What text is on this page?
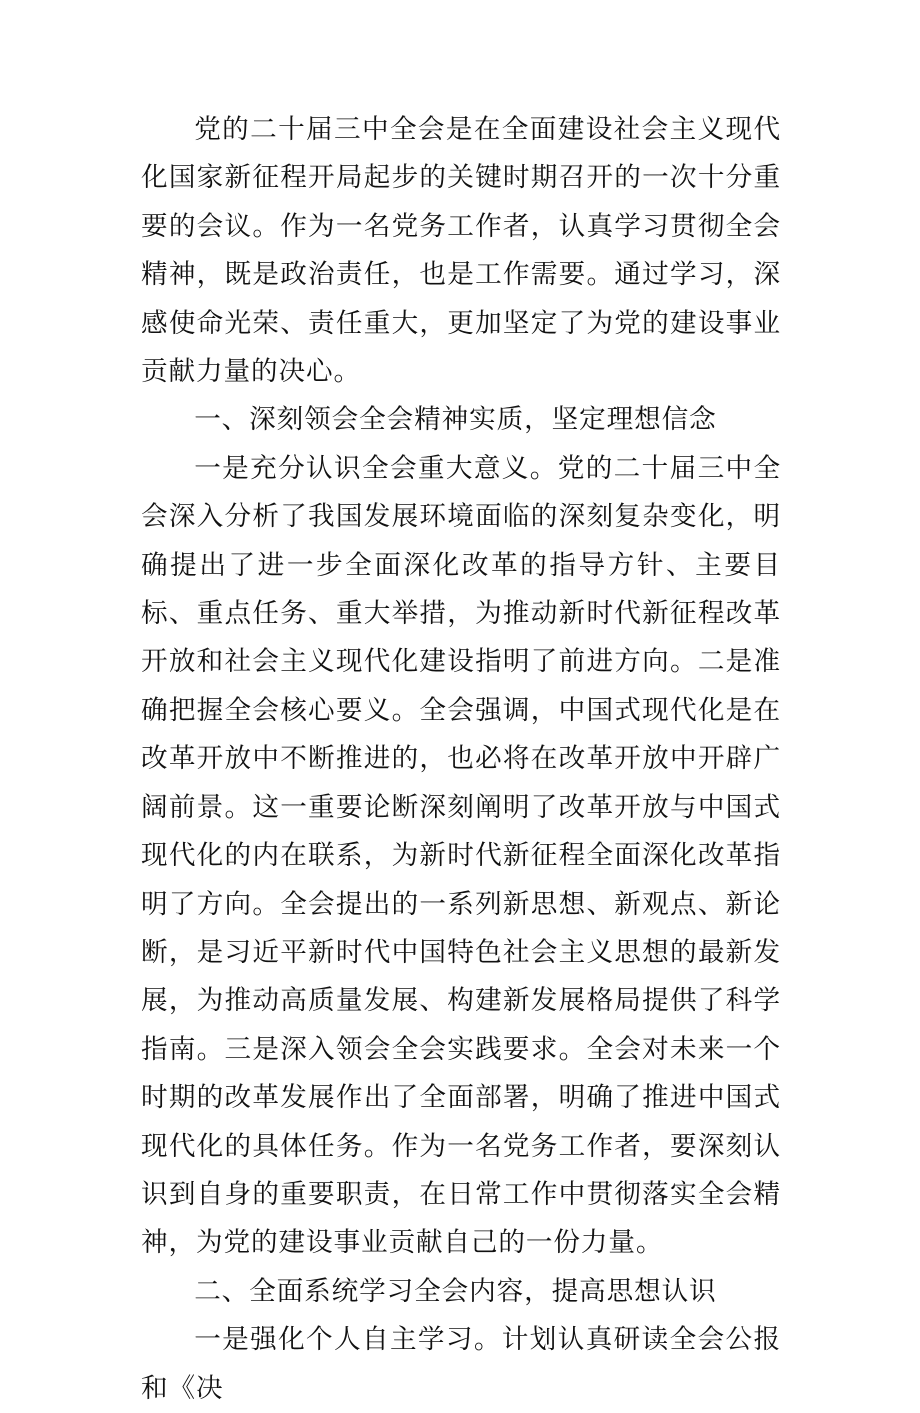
党的二十届三中全会是在全面建设社会主义现代化国家新征程开局起步的关键时期召开的一次十分重要的会议。作为一名党务工作者，认真学习贯彻全会精神，既是政治责任，也是工作需要。通过学习，深感使命光荣、责任重大，更加坚定了为党的建设事业贡献力量的决心。

一、深刻领会全会精神实质，坚定理想信念

一是充分认识全会重大意义。党的二十届三中全会深入分析了我国发展环境面临的深刻复杂变化，明确提出了进一步全面深化改革的指导方针、主要目标、重点任务、重大举措，为推动新时代新征程改革开放和社会主义现代化建设指明了前进方向。二是准确把握全会核心要义。全会强调，中国式现代化是在改革开放中不断推进的，也必将在改革开放中开辟广阔前景。这一重要论断深刻阐明了改革开放与中国式现代化的内在联系，为新时代新征程全面深化改革指明了方向。全会提出的一系列新思想、新观点、新论断，是习近平新时代中国特色社会主义思想的最新发展，为推动高质量发展、构建新发展格局提供了科学指南。三是深入领会全会实践要求。全会对未来一个时期的改革发展作出了全面部署，明确了推进中国式现代化的具体任务。作为一名党务工作者，要深刻认识到自身的重要职责，在日常工作中贯彻落实全会精神，为党的建设事业贡献自己的一份力量。

二、全面系统学习全会内容，提高思想认识

一是强化个人自主学习。计划认真研读全会公报和《决
